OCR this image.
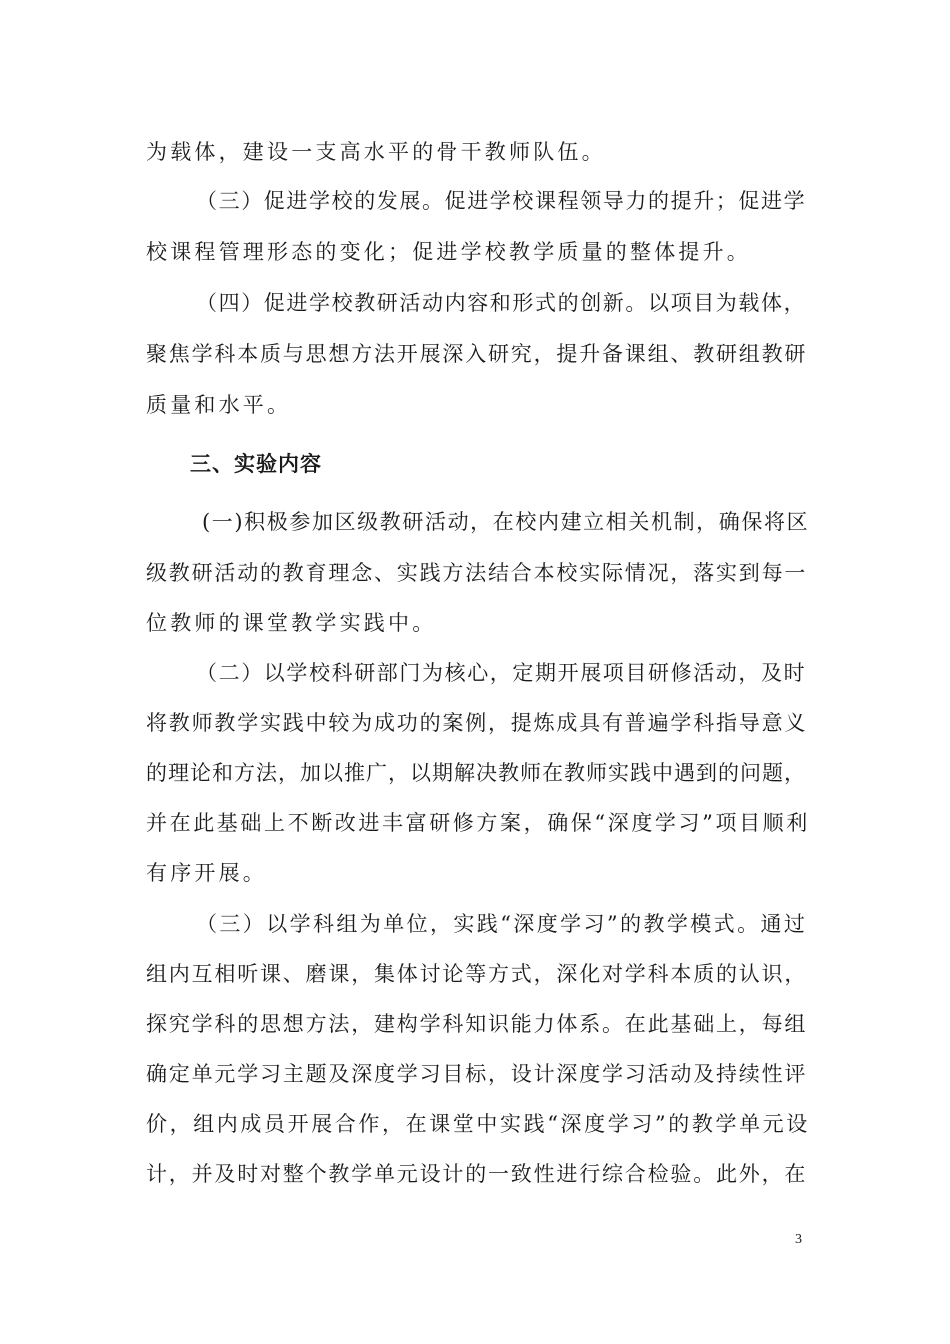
为载体，建设一支高水平的骨干教师队伍。
（三）促进学校的发展。促进学校课程领导力的提升；促进学
校课程管理形态的变化；促进学校教学质量的整体提升。
（四）促进学校教研活动内容和形式的创新。以项目为载体，
聚焦学科本质与思想方法开展深入研究，提升备课组、教研组教研
质量和水平。
三、实验内容
(一)积极参加区级教研活动，在校内建立相关机制，确保将区
级教研活动的教育理念、实践方法结合本校实际情况，落实到每一
位教师的课堂教学实践中。
（二）以学校科研部门为核心，定期开展项目研修活动，及时
将教师教学实践中较为成功的案例，提炼成具有普遍学科指导意义
的理论和方法，加以推广，以期解决教师在教师实践中遇到的问题，
并在此基础上不断改进丰富研修方案，确保“深度学习”项目顺利
有序开展。
（三）以学科组为单位，实践“深度学习”的教学模式。通过
组内互相听课、磨课，集体讨论等方式，深化对学科本质的认识，
探究学科的思想方法，建构学科知识能力体系。在此基础上，每组
确定单元学习主题及深度学习目标，设计深度学习活动及持续性评
价，组内成员开展合作，在课堂中实践“深度学习”的教学单元设
计，并及时对整个教学单元设计的一致性进行综合检验。此外，在
3
